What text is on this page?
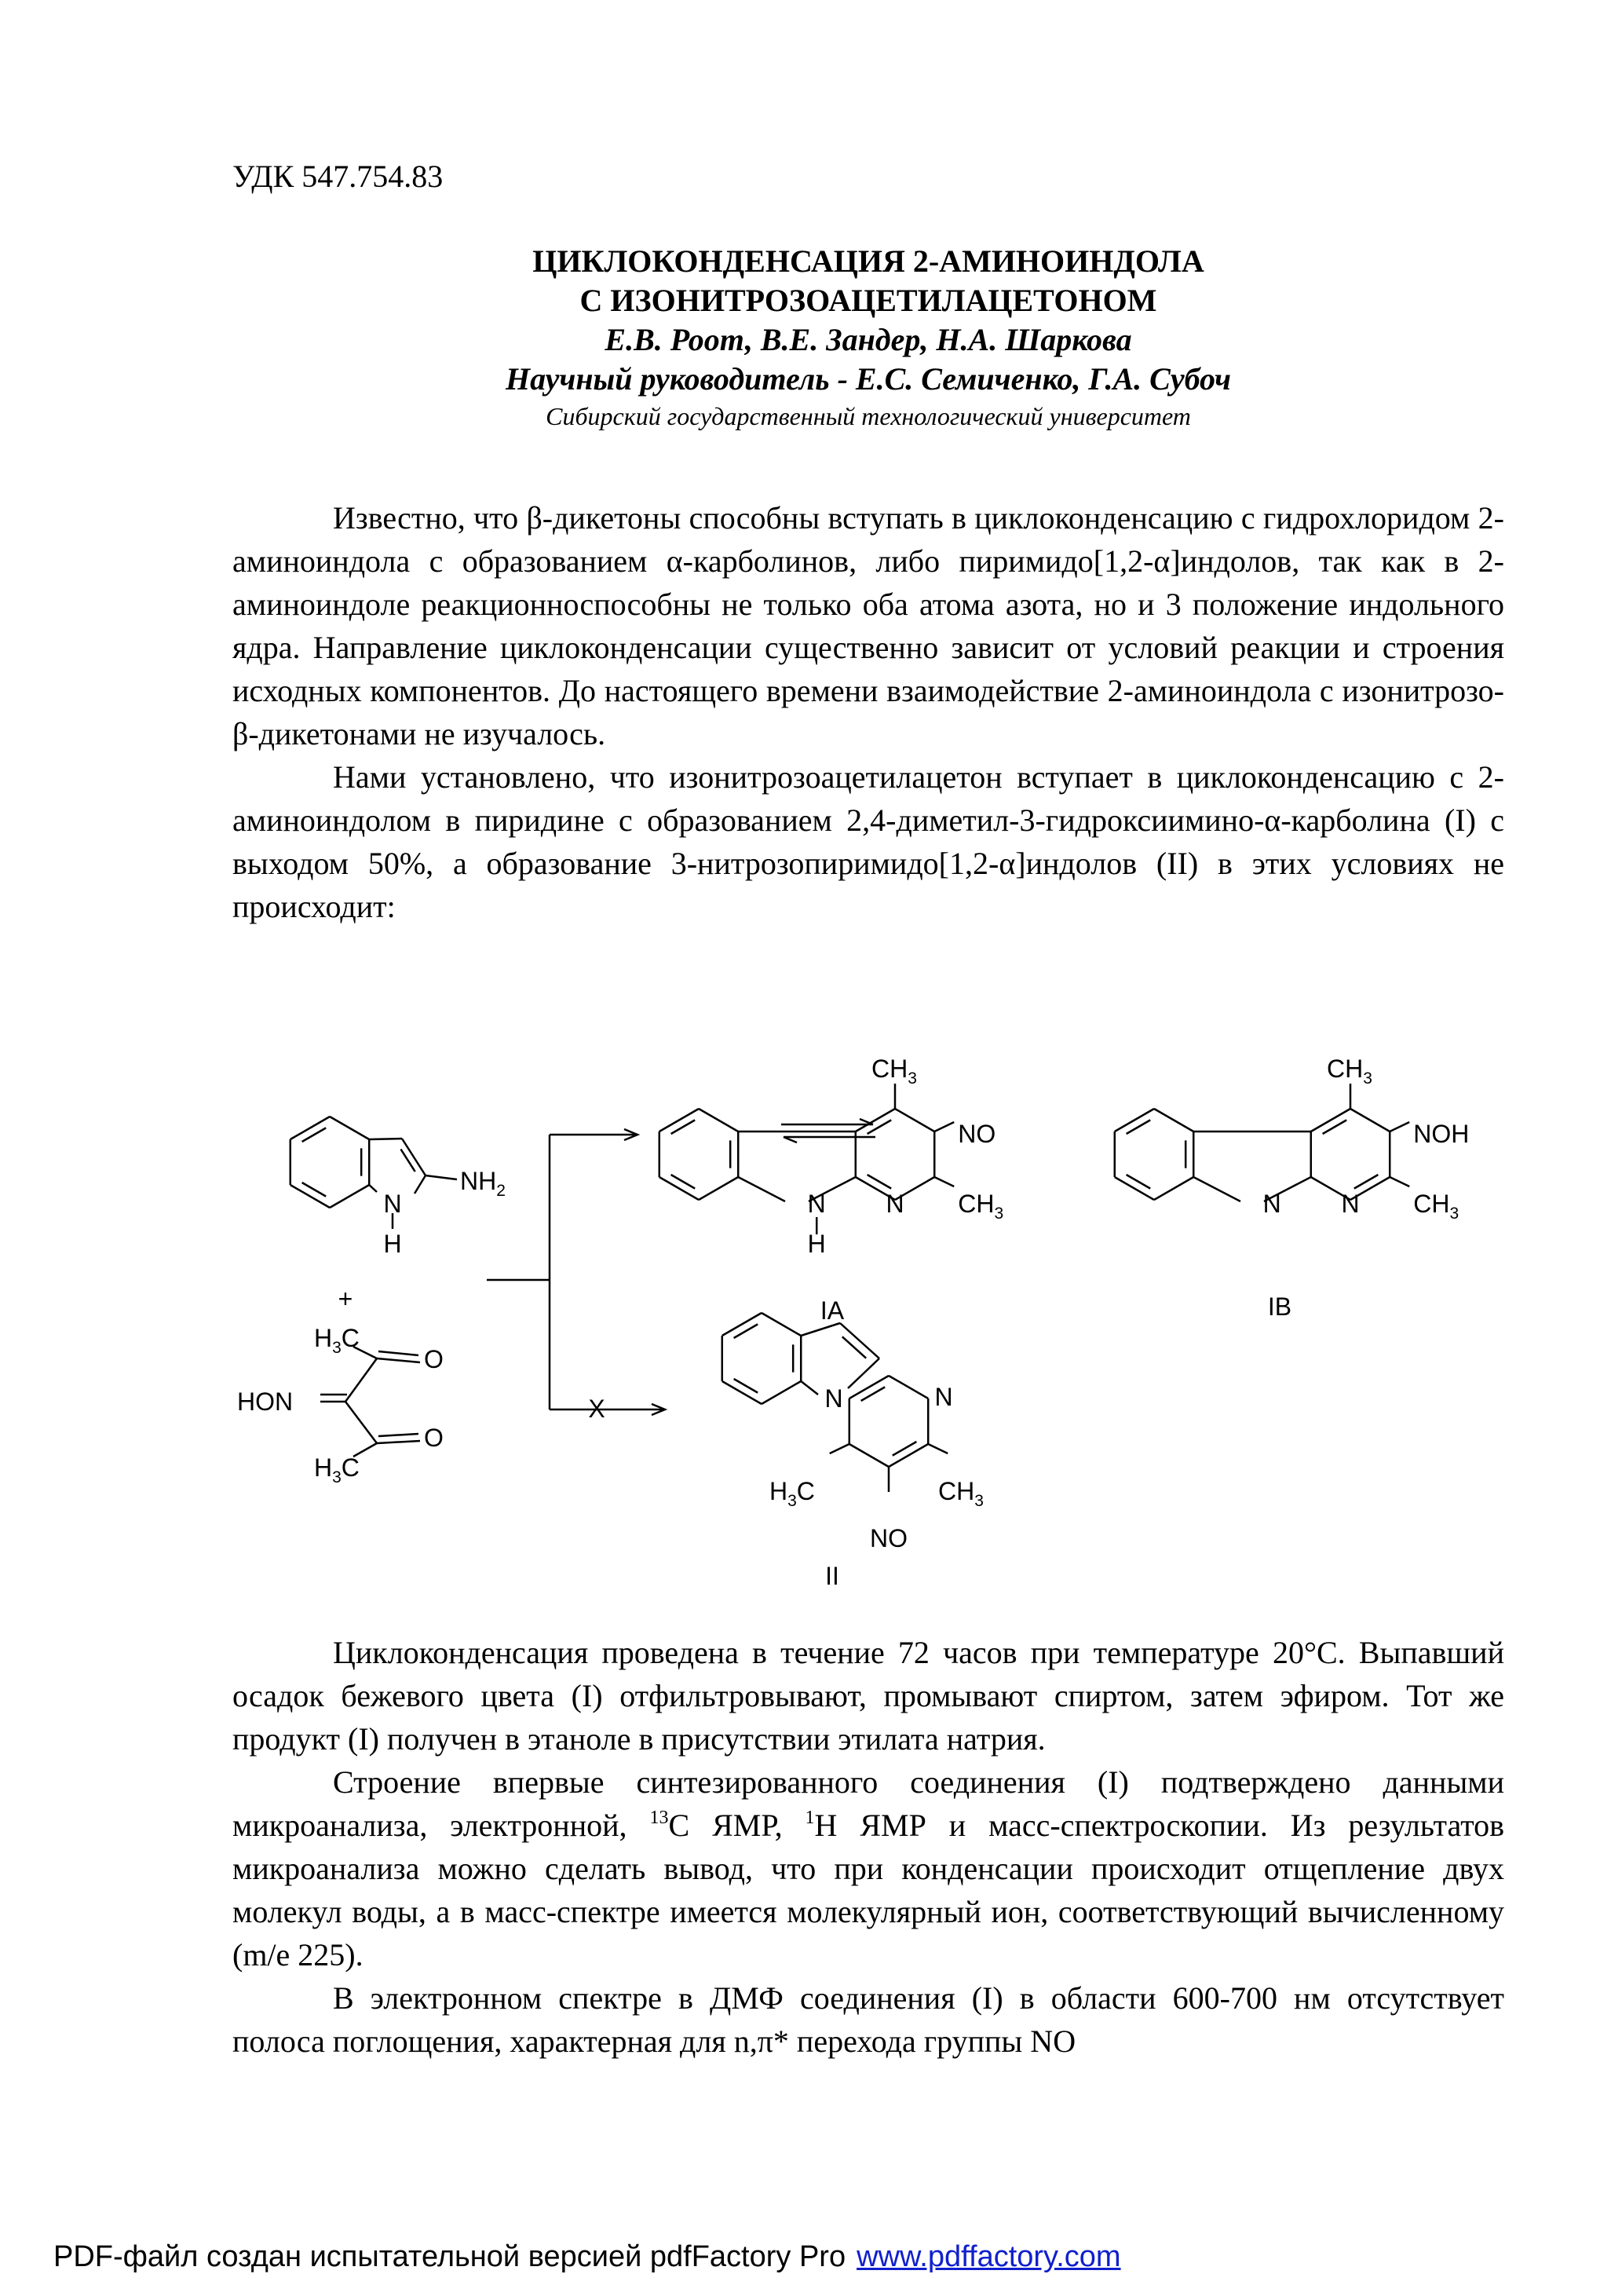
УДК 547.754.83
ЦИКЛОКОНДЕНСАЦИЯ 2-АМИНОИНДОЛА
С ИЗОНИТРОЗОАЦЕТИЛАЦЕТОНОМ
Е.В. Роот, В.Е. Зандер, Н.А. Шаркова
Научный руководитель - Е.С. Семиченко, Г.А. Субоч
Сибирский государственный технологический университет

Известно, что β-дикетоны способны вступать в циклоконденсацию с гидрохлоридом 2-аминоиндола с образованием α-карболинов, либо пиримидо[1,2-α]индолов, так как в 2-аминоиндоле реакционноспособны не только оба атома азота, но и 3 положение индольного ядра. Направление циклоконденсации существенно зависит от условий реакции и строения исходных компонентов. До настоящего времени взаимодействие 2-аминоиндола с изонитрозо-β-дикетонами не изучалось.

Нами установлено, что изонитрозоацетилацетон вступает в циклоконденсацию с 2-аминоиндолом в пиридине с образованием 2,4-диметил-3-гидроксиимино-α-карболина (I) с выходом 50%, а образование 3-нитрозопиримидо[1,2-α]индолов (II) в этих условиях не происходит:

N
H
$NH_2$
+
$H_3C$
O
HON
O
$H_3C$
X
$CH_3$
NO
N N $CH_3$
H
IA
$CH_3$
NOH
N N $CH_3$
IB
N	N
$H_3C$	$CH_3$
NO
II

Циклоконденсация проведена в течение 72 часов при температуре 20°С. Выпавший осадок бежевого цвета (I) отфильтровывают, промывают спиртом, затем эфиром. Тот же продукт (I) получен в этаноле в присутствии этилата натрия.

Строение впервые синтезированного соединения (I) подтверждено данными микроанализа, электронной, $^{13}$С ЯМР, $^1$Н ЯМР и масс-спектроскопии. Из результатов микроанализа можно сделать вывод, что при конденсации происходит отщепление двух молекул воды, а в масс-спектре имеется молекулярный ион, соответствующий вычисленному (m/e 225).

В электронном спектре в ДМФ соединения (I) в области 600-700 нм отсутствует полоса поглощения, характерная для n,π* перехода группы NO

PDF-файл создан испытательной версией pdfFactory Pro www.pdffactory.com
